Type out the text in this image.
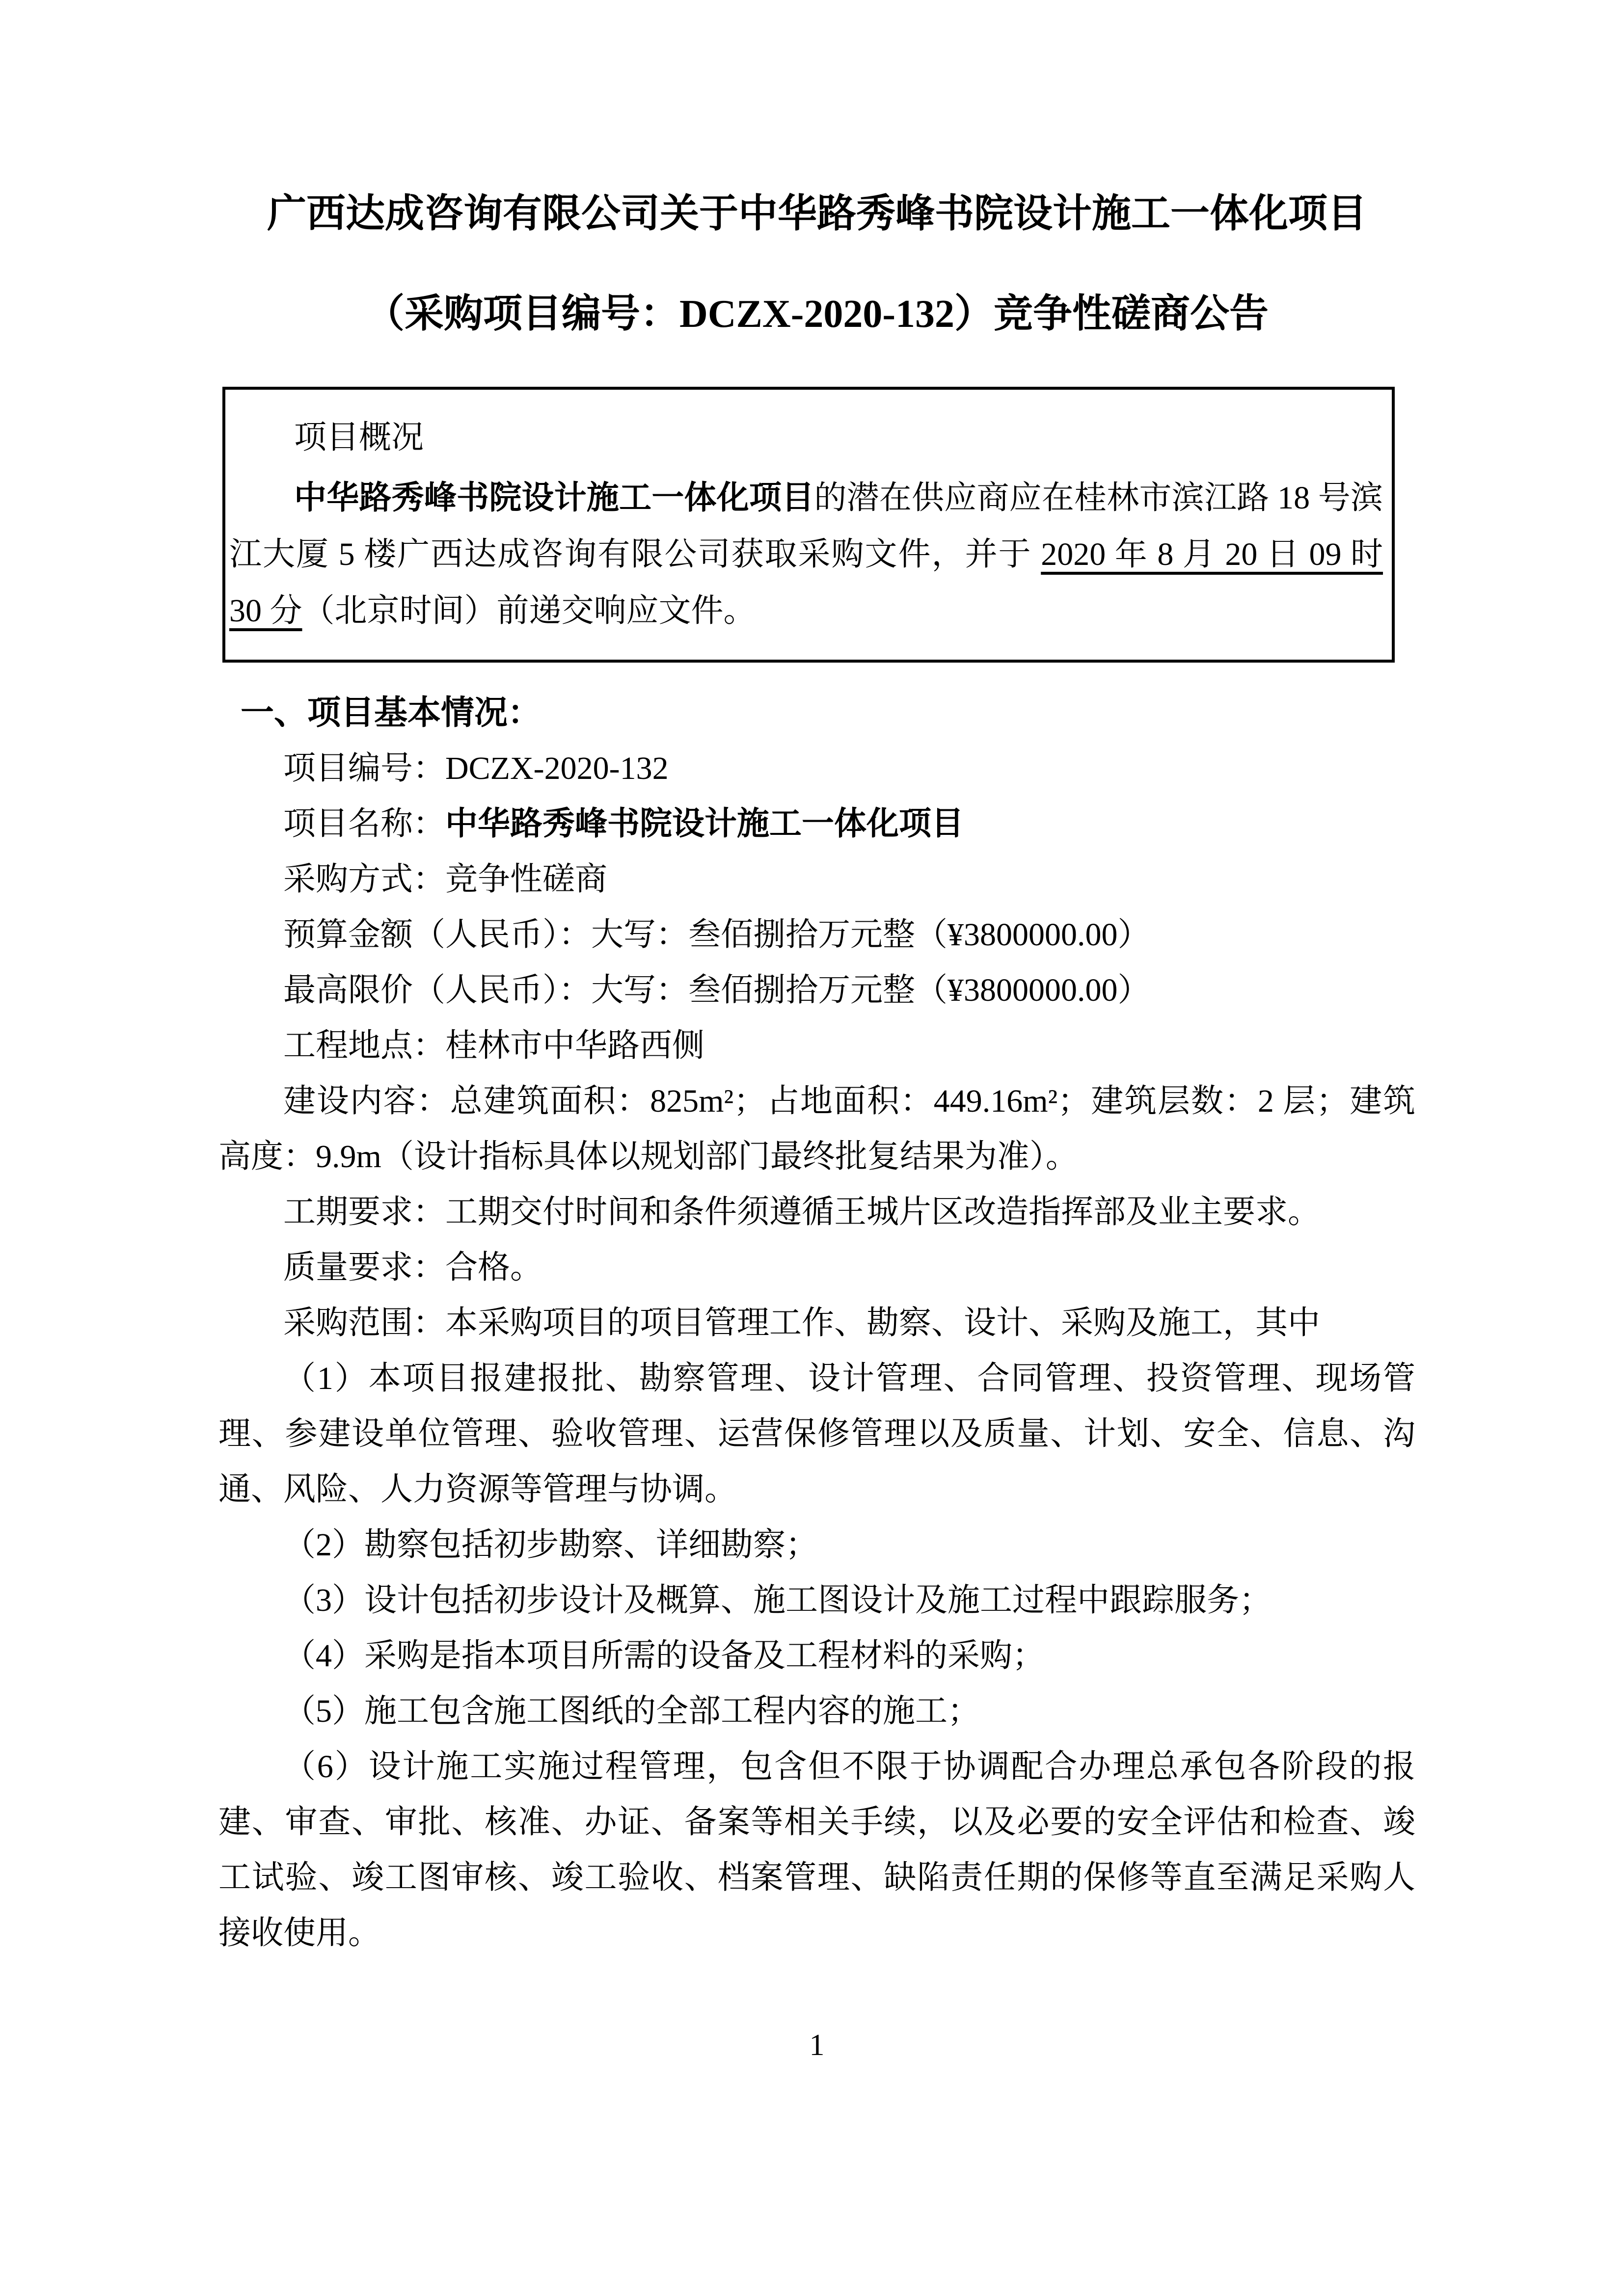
广西达成咨询有限公司关于中华路秀峰书院设计施工一体化项目
（采购项目编号：DCZX-2020-132）竞争性磋商公告

项目概况

中华路秀峰书院设计施工一体化项目的潜在供应商应在桂林市滨江路 18 号滨江大厦 5 楼广西达成咨询有限公司获取采购文件，并于 2020 年 8 月 20 日 09 时 30 分（北京时间）前递交响应文件。

一、项目基本情况：

项目编号：DCZX-2020-132

项目名称：中华路秀峰书院设计施工一体化项目

采购方式：竞争性磋商

预算金额（人民币）：大写：叁佰捌拾万元整（¥3800000.00）

最高限价（人民币）：大写：叁佰捌拾万元整（¥3800000.00）

工程地点：桂林市中华路西侧

建设内容：总建筑面积：825m²；占地面积：449.16m²；建筑层数：2 层；建筑高度：9.9m（设计指标具体以规划部门最终批复结果为准）。

工期要求：工期交付时间和条件须遵循王城片区改造指挥部及业主要求。

质量要求：合格。

采购范围：本采购项目的项目管理工作、勘察、设计、采购及施工，其中

（1）本项目报建报批、勘察管理、设计管理、合同管理、投资管理、现场管理、参建设单位管理、验收管理、运营保修管理以及质量、计划、安全、信息、沟通、风险、人力资源等管理与协调。

（2）勘察包括初步勘察、详细勘察；

（3）设计包括初步设计及概算、施工图设计及施工过程中跟踪服务；

（4）采购是指本项目所需的设备及工程材料的采购；

（5）施工包含施工图纸的全部工程内容的施工；

（6）设计施工实施过程管理，包含但不限于协调配合办理总承包各阶段的报建、审查、审批、核准、办证、备案等相关手续，以及必要的安全评估和检查、竣工试验、竣工图审核、竣工验收、档案管理、缺陷责任期的保修等直至满足采购人接收使用。

1
